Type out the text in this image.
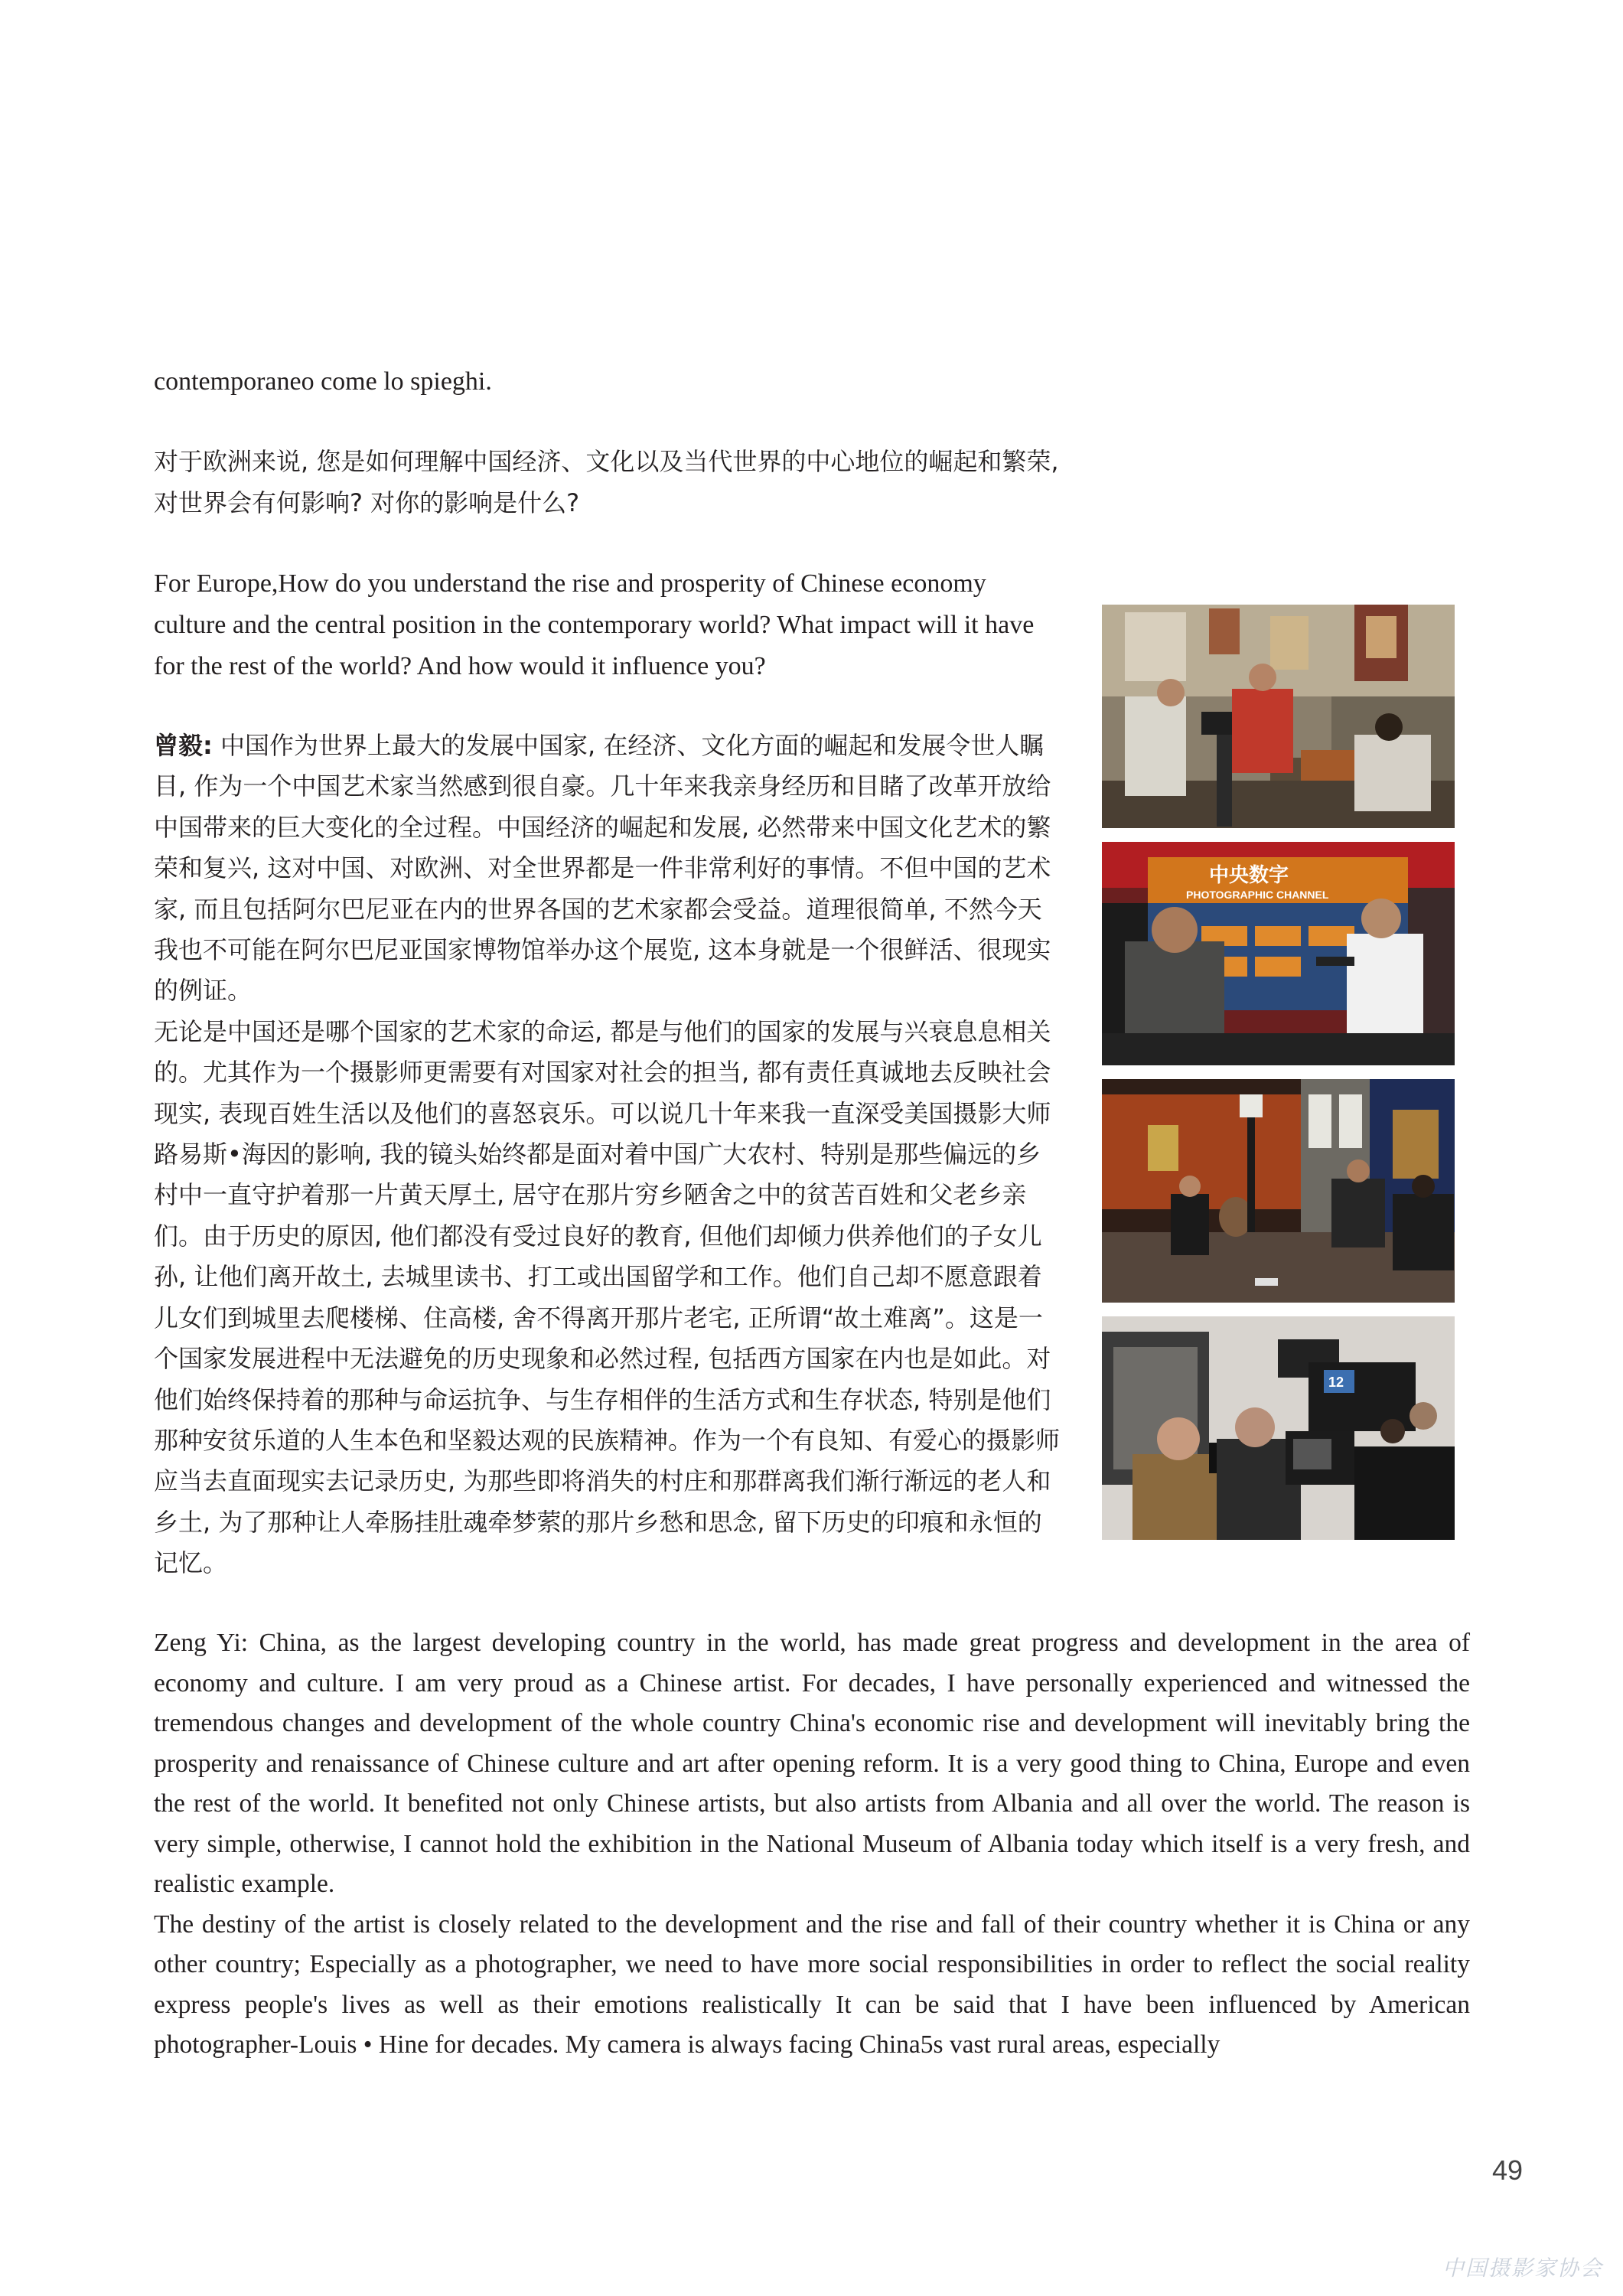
contemporaneo come lo spieghi.

对于欧洲来说, 您是如何理解中国经济、文化以及当代世界的中心地位的崛起和繁荣, 对世界会有何影响? 对你的影响是什么?

For Europe,How do you understand the rise and prosperity of Chinese economy culture and the central position in the contemporary world? What impact will it have for the rest of the world? And how would it influence you?

曾毅: 中国作为世界上最大的发展中国家, 在经济、文化方面的崛起和发展令世人瞩目, 作为一个中国艺术家当然感到很自豪。几十年来我亲身经历和目睹了改革开放给中国带来的巨大变化的全过程。中国经济的崛起和发展, 必然带来中国文化艺术的繁荣和复兴, 这对中国、对欧洲、对全世界都是一件非常利好的事情。不但中国的艺术家, 而且包括阿尔巴尼亚在内的世界各国的艺术家都会受益。道理很简单, 不然今天我也不可能在阿尔巴尼亚国家博物馆举办这个展览, 这本身就是一个很鲜活、很现实的例证。

无论是中国还是哪个国家的艺术家的命运, 都是与他们的国家的发展与兴衰息息相关的。尤其作为一个摄影师更需要有对国家对社会的担当, 都有责任真诚地去反映社会现实, 表现百姓生活以及他们的喜怒哀乐。可以说几十年来我一直深受美国摄影大师路易斯•海因的影响, 我的镜头始终都是面对着中国广大农村、特别是那些偏远的乡村中一直守护着那一片黄天厚土, 居守在那片穷乡陋舍之中的贫苦百姓和父老乡亲们。由于历史的原因, 他们都没有受过良好的教育, 但他们却倾力供养他们的子女儿孙, 让他们离开故土, 去城里读书、打工或出国留学和工作。他们自己却不愿意跟着儿女们到城里去爬楼梯、住高楼, 舍不得离开那片老宅, 正所谓“故土难离”。这是一个国家发展进程中无法避免的历史现象和必然过程, 包括西方国家在内也是如此。对他们始终保持着的那种与命运抗争、与生存相伴的生活方式和生存状态, 特别是他们那种安贫乐道的人生本色和坚毅达观的民族精神。作为一个有良知、有爱心的摄影师应当去直面现实去记录历史, 为那些即将消失的村庄和那群离我们渐行渐远的老人和乡土, 为了那种让人牵肠挂肚魂牵梦萦的那片乡愁和思念, 留下历史的印痕和永恒的记忆。

Zeng Yi: China, as the largest developing country in the world, has made great progress and development in the area of economy and culture. I am very proud as a Chinese artist. For decades, I have personally experienced and witnessed the tremendous changes and development of the whole country China's economic rise and development will inevitably bring the prosperity and renaissance of Chinese culture and art after opening reform. It is a very good thing to China, Europe and even the rest of the world. It benefited not only Chinese artists, but also artists from Albania and all over the world. The reason is very simple, otherwise, I cannot hold the exhibition in the National Museum of Albania today which itself is a very fresh, and realistic example.

The destiny of the artist is closely related to the development and the rise and fall of their country whether it is China or any other country; Especially as a photographer, we need to have more social responsibilities in order to reflect the social reality express people's lives as well as their emotions realistically It can be said that I have been influenced by American photographer-Louis • Hine for decades. My camera is always facing China5s vast rural areas, especially

中央数字
PHOTOGRAPHIC CHANNEL
12
49
中国摄影家协会
